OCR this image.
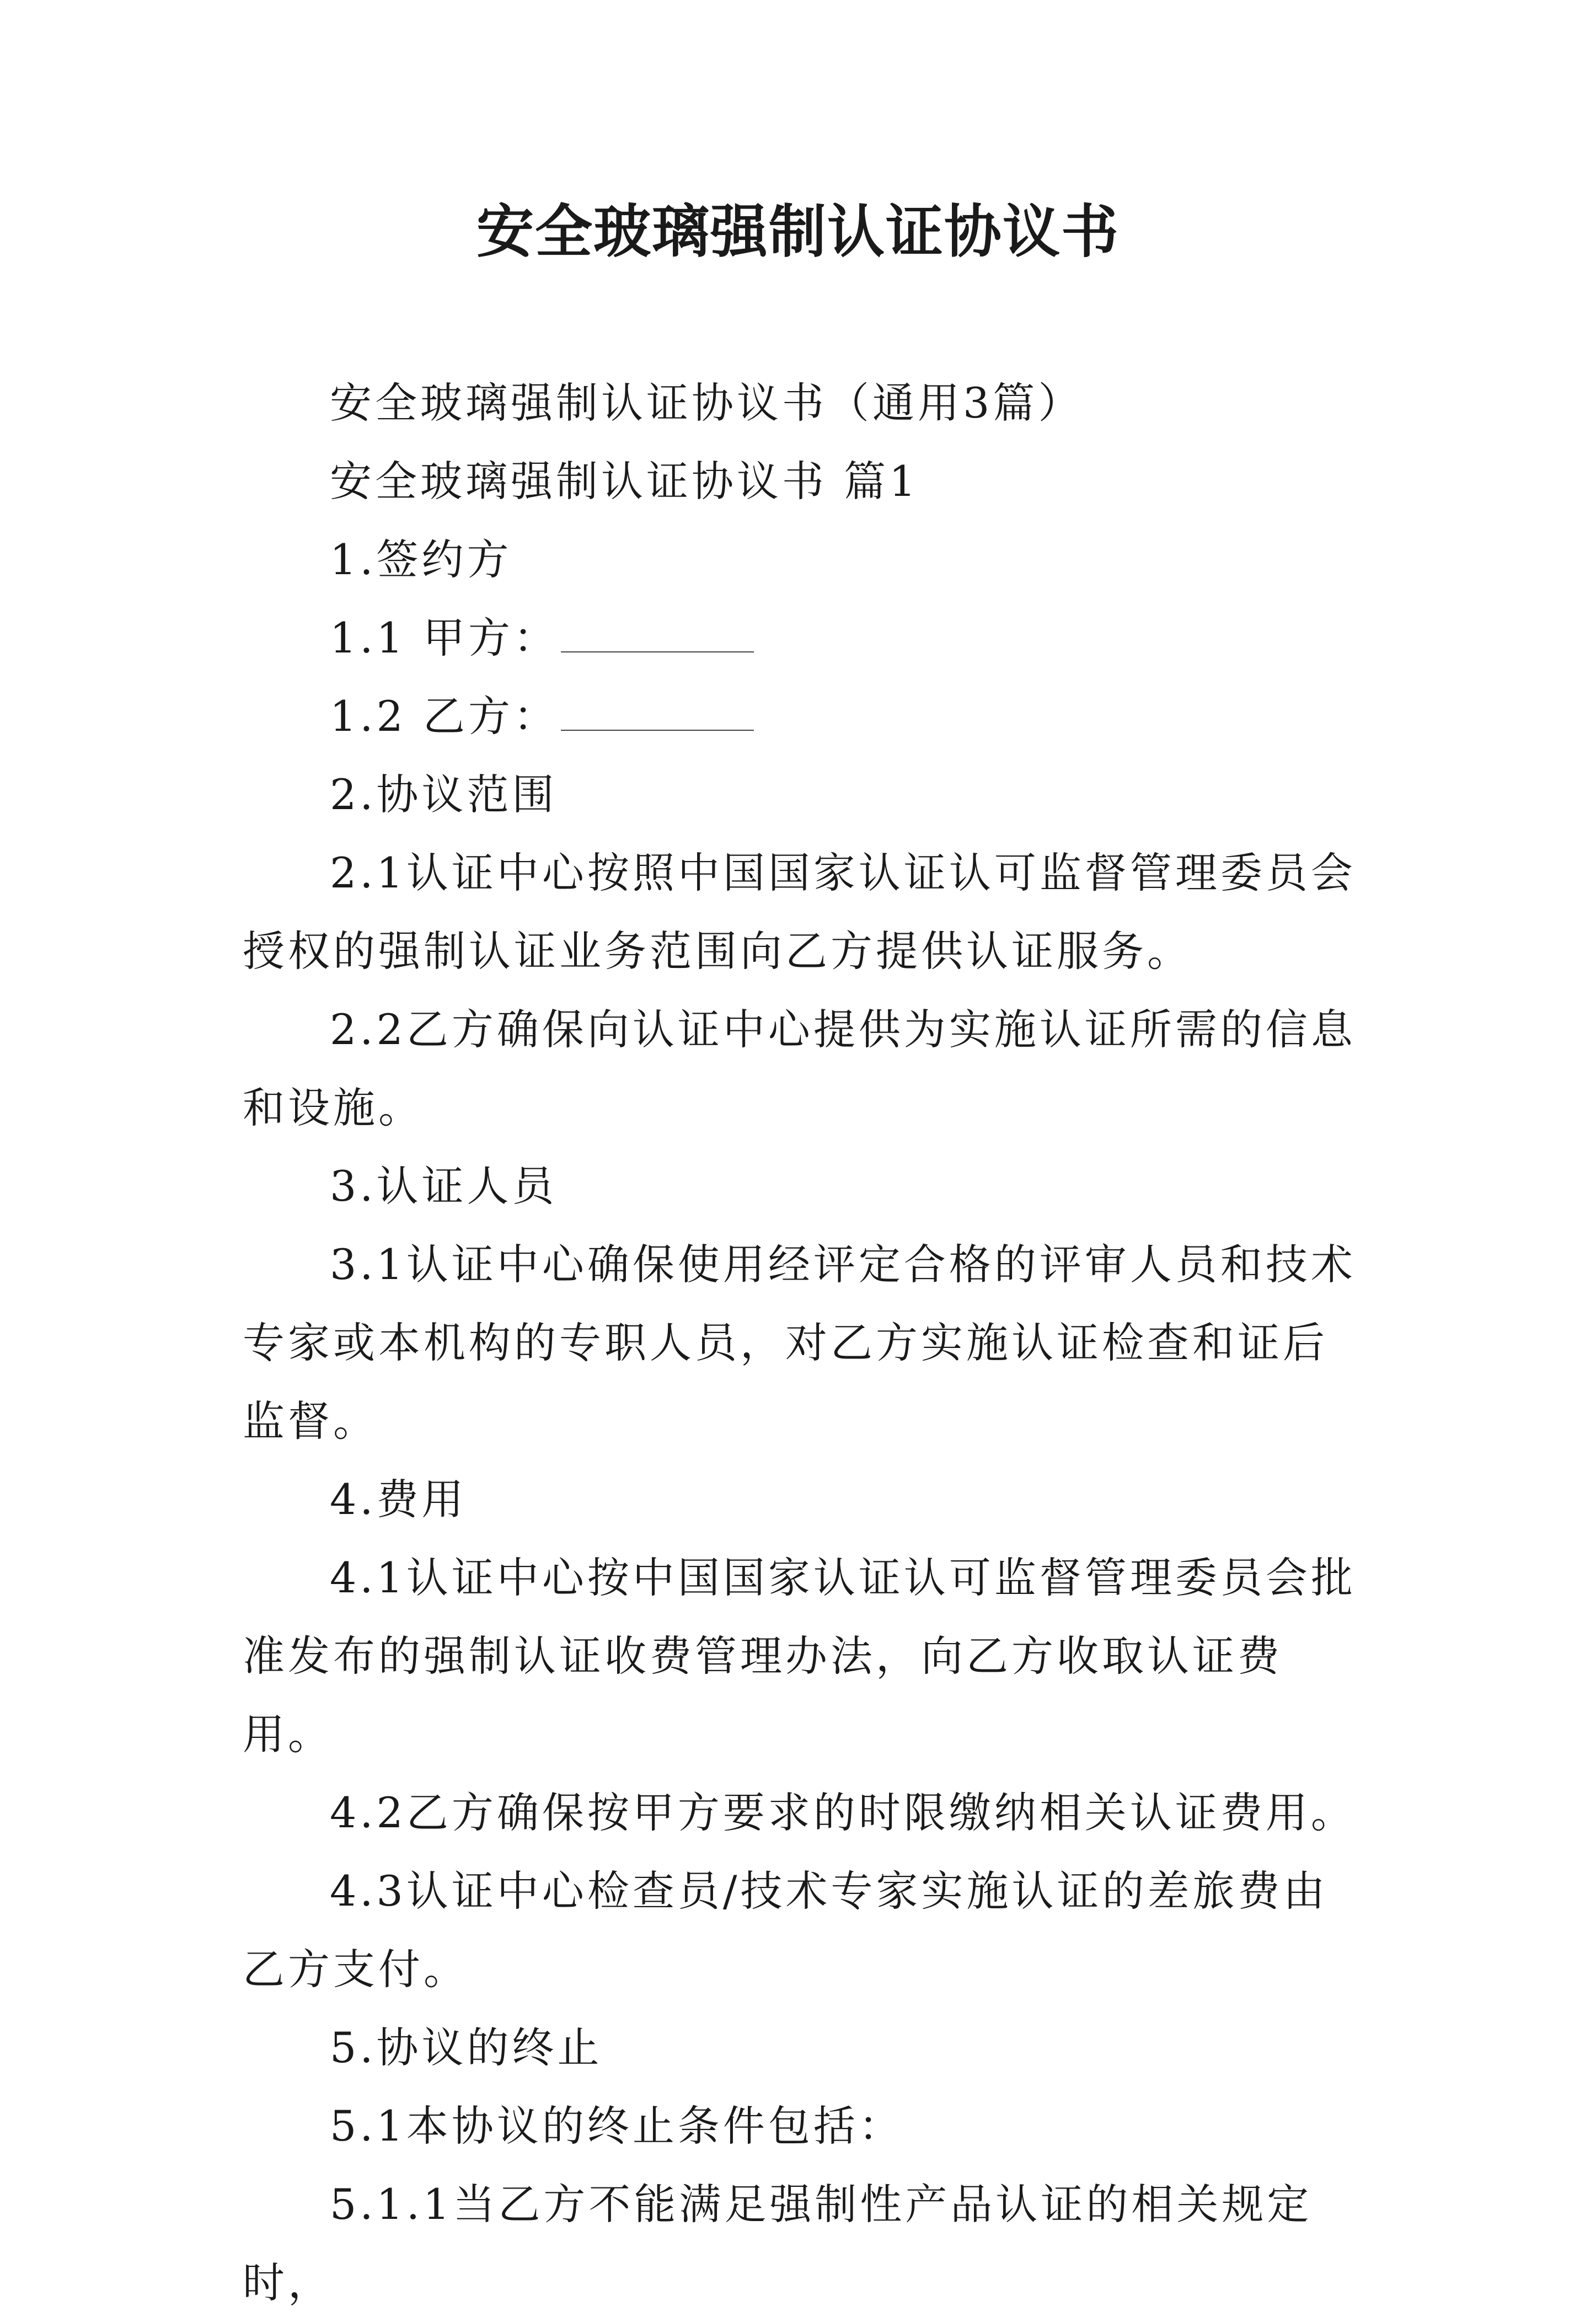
安全玻璃强制认证协议书

安全玻璃强制认证协议书（通用3篇）

安全玻璃强制认证协议书 篇1

1.签约方

1.1 甲方：

1.2 乙方：

2.协议范围

2.1认证中心按照中国国家认证认可监督管理委员会授权的强制认证业务范围向乙方提供认证服务。

2.2乙方确保向认证中心提供为实施认证所需的信息和设施。

3.认证人员

3.1认证中心确保使用经评定合格的评审人员和技术专家或本机构的专职人员，对乙方实施认证检查和证后监督。

4.费用

4.1认证中心按中国国家认证认可监督管理委员会批准发布的强制认证收费管理办法，向乙方收取认证费用。

4.2乙方确保按甲方要求的时限缴纳相关认证费用。

4.3认证中心检查员/技术专家实施认证的差旅费由乙方支付。

5.协议的终止

5.1本协议的终止条件包括：

5.1.1当乙方不能满足强制性产品认证的相关规定时，
